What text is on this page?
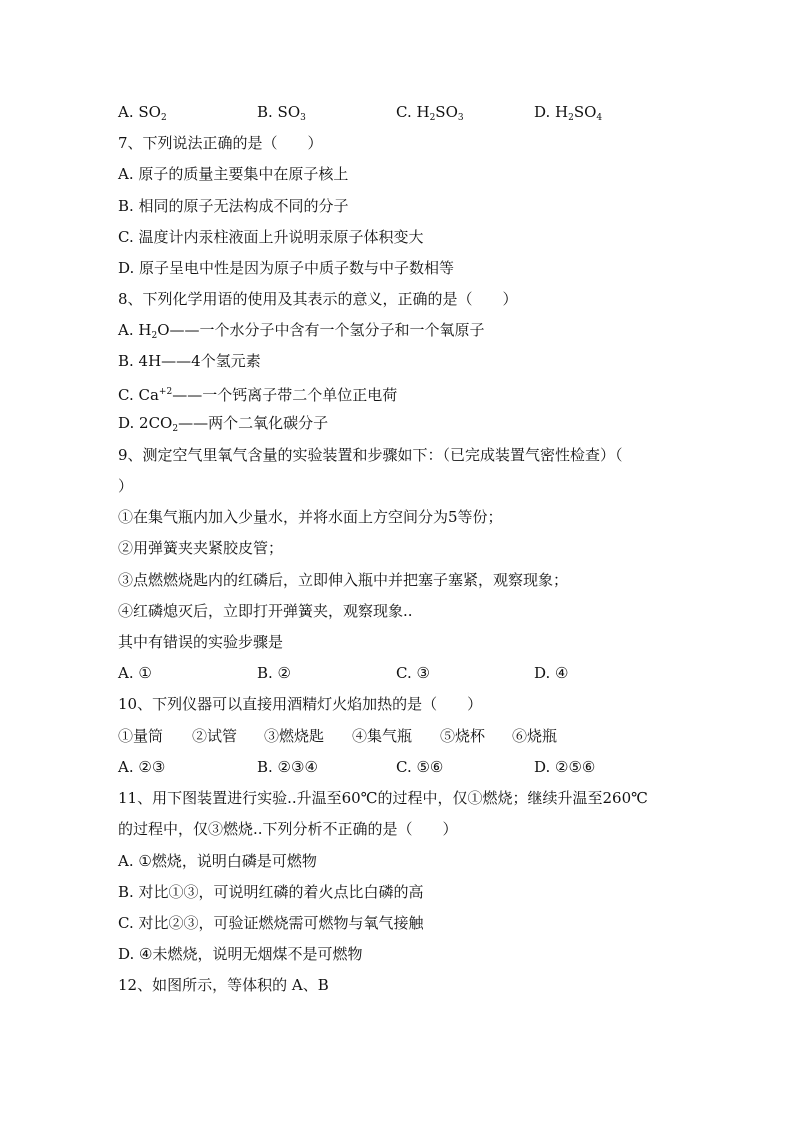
A. $SO_2$	B. $SO_3$	C. $H_2SO_3$	D. $H_2SO_4$
7、下列说法正确的是（　　）
A. 原子的质量主要集中在原子核上
B. 相同的原子无法构成不同的分子
C. 温度计内汞柱液面上升说明汞原子体积变大
D. 原子呈电中性是因为原子中质子数与中子数相等
8、下列化学用语的使用及其表示的意义，正确的是（　　）
A. $H_2O——$一个水分子中含有一个氢分子和一个氧原子
B. 4H——4个氢元素
C. $Ca^{+2}——$一个钙离子带二个单位正电荷
D. $2CO_2——$两个二氧化碳分子
9、测定空气里氧气含量的实验装置和步骤如下：（已完成装置气密性检查）（
）
①在集气瓶内加入少量水，并将水面上方空间分为5等份；
②用弹簧夹夹紧胶皮管；
③点燃燃烧匙内的红磷后，立即伸入瓶中并把塞子塞紧，观察现象；
④红磷熄灭后，立即打开弹簧夹，观察现象..
其中有错误的实验步骤是
A. ①	B. ②	C. ③	D. ④
10、下列仪器可以直接用酒精灯火焰加热的是（　　）
①量筒 ②试管 ③燃烧匙 ④集气瓶 ⑤烧杯 ⑥烧瓶
A. ②③	B. ②③④	C. ⑤⑥	D. ②⑤⑥
11、用下图装置进行实验..升温至60℃的过程中，仅①燃烧；继续升温至260℃
的过程中，仅③燃烧..下列分析不正确的是（　　）
A. ①燃烧，说明白磷是可燃物
B. 对比①③，可说明红磷的着火点比白磷的高
C. 对比②③，可验证燃烧需可燃物与氧气接触
D. ④未燃烧，说明无烟煤不是可燃物
12、如图所示，等体积的 A、B
